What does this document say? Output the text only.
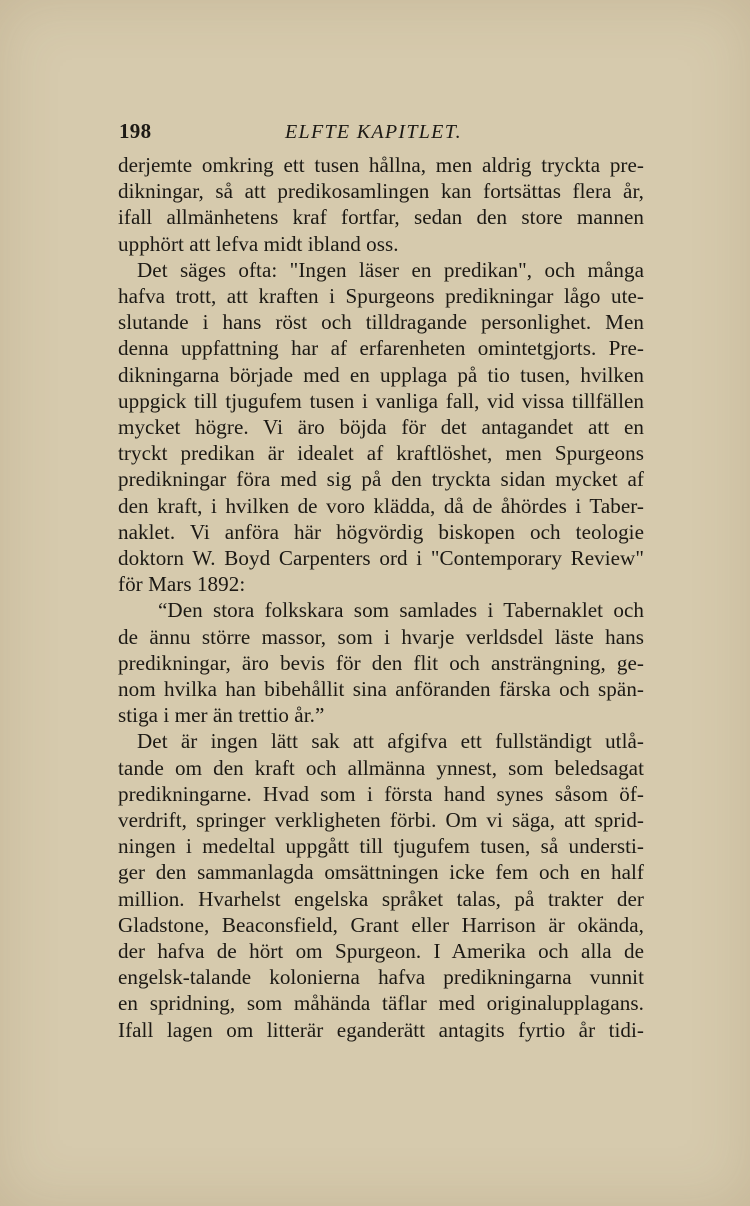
198	ELFTE KAPITLET.
derjemte omkring ett tusen hållna, men aldrig tryckta pre-
dikningar, så att predikosamlingen kan fortsättas flera år,
ifall allmänhetens kraf fortfar, sedan den store mannen
upphört att lefva midt ibland oss.
Det säges ofta: "Ingen läser en predikan", och många
hafva trott, att kraften i Spurgeons predikningar lågo ute-
slutande i hans röst och tilldragande personlighet. Men
denna uppfattning har af erfarenheten omintetgjorts. Pre-
dikningarna började med en upplaga på tio tusen, hvilken
uppgick till tjugufem tusen i vanliga fall, vid vissa tillfällen
mycket högre. Vi äro böjda för det antagandet att en
tryckt predikan är idealet af kraftlöshet, men Spurgeons
predikningar föra med sig på den tryckta sidan mycket af
den kraft, i hvilken de voro klädda, då de åhördes i Taber-
naklet. Vi anföra här högvördig biskopen och teologie
doktorn W. Boyd Carpenters ord i "Contemporary Review"
för Mars 1892:
“Den stora folkskara som samlades i Tabernaklet och
de ännu större massor, som i hvarje verldsdel läste hans
predikningar, äro bevis för den flit och ansträngning, ge-
nom hvilka han bibehållit sina anföranden färska och spän-
stiga i mer än trettio år.”
Det är ingen lätt sak att afgifva ett fullständigt utlå-
tande om den kraft och allmänna ynnest, som beledsagat
predikningarne. Hvad som i första hand synes såsom öf-
verdrift, springer verkligheten förbi. Om vi säga, att sprid-
ningen i medeltal uppgått till tjugufem tusen, så understi-
ger den sammanlagda omsättningen icke fem och en half
million. Hvarhelst engelska språket talas, på trakter der
Gladstone, Beaconsfield, Grant eller Harrison är okända,
der hafva de hört om Spurgeon. I Amerika och alla de
engelsk-talande kolonierna hafva predikningarna vunnit
en spridning, som måhända täflar med originalupplagans.
Ifall lagen om litterär eganderätt antagits fyrtio år tidi-
